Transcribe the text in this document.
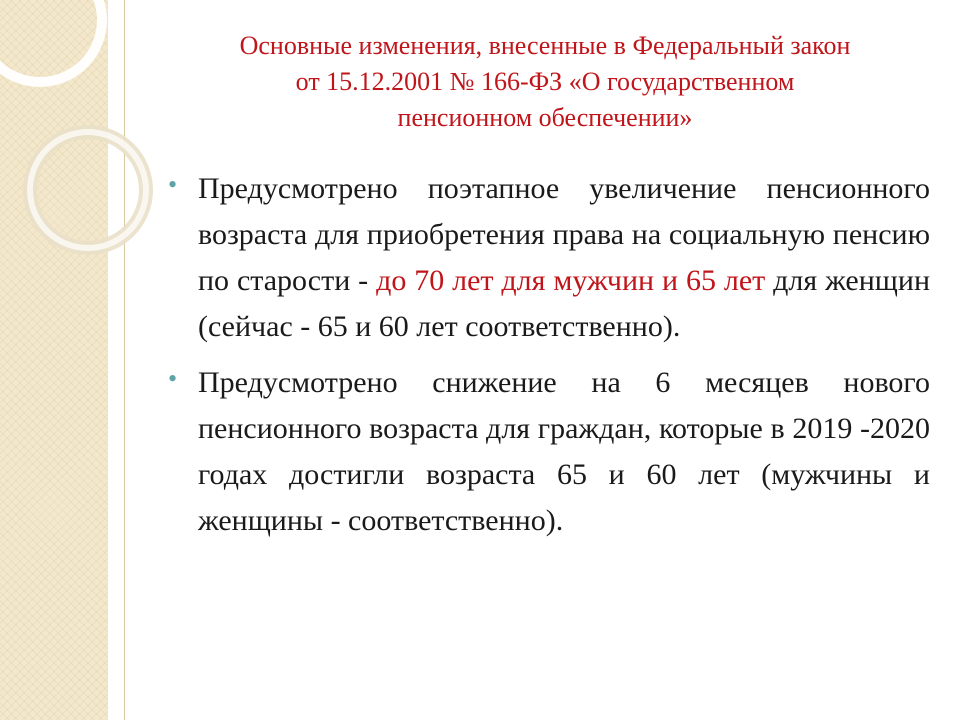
Основные изменения, внесенные в Федеральный закон
от 15.12.2001 № 166-ФЗ «О государственном
пенсионном обеспечении»
• Предусмотрено поэтапное увеличение пенсионного возраста для приобретения права на социальную пенсию по старости - до 70 лет для мужчин и 65 лет для женщин (сейчас - 65 и 60 лет соответственно).
• Предусмотрено снижение на 6 месяцев нового пенсионного возраста для граждан, которые в 2019 -2020 годах достигли возраста 65 и 60 лет (мужчины и женщины - соответственно).
